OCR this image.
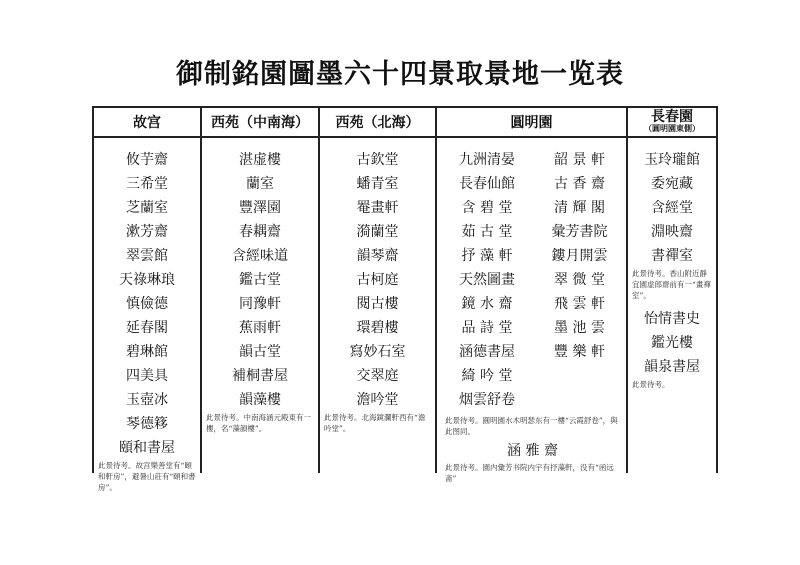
御制銘園圖墨六十四景取景地一览表
故宫
攸芋齋
三希堂
芝蘭室
漱芳齋
翠雲館
天祿琳琅
慎儉德
延春閣
碧琳館
四美具
玉壺冰
琴德簃
頤和書屋
此景待考。故宫樂善堂有“頤和軒房”，避暑山莊有“頤和書房”。
西苑（中南海）
湛虚樓
蘭室
豐澤園
春耦齋
含經味道
鑑古堂
同豫軒
蕉雨軒
韻古堂
補桐書屋
韻藻樓
此景待考。中南海涵元殿東有一樓，名“藻韻樓”。
西苑（北海）
古欽堂
蟠青室
罨畫軒
漪蘭堂
韻琴齋
古柯庭
閱古樓
環碧樓
寫妙石室
交翠庭
澹吟堂
此景待考。北海鏡瀾軒西有“澹吟堂”。
圓明園
九洲清晏
長春仙館
含 碧 堂
茹 古 堂
抒 藻 軒
天然圖畫
鏡 水 齋
品 詩 堂
涵德書屋
綺 吟 堂
烟雲舒卷
韶 景 軒
古 香 齋
清 輝 閣
彙芳書院
鏤月開雲
翠 微 堂
飛 雲 軒
墨 池 雲
豐 樂 軒
此景待考。圓明園水木明瑟东有一樓“云霞舒卷”，與此图同。
涵 雅 齋
此景待考。園内彙芳书院内宇有抒藻軒，没有“函远斋”
長春園
（圓明園東側）
玉玲瓏館
委宛藏
含經堂
淵映齋
書禪室
此景待考。香山附近静宜園虚郎齋前有一“畫禪室”。
怡情書史
鑑光樓
韻泉書屋
此景待考。
